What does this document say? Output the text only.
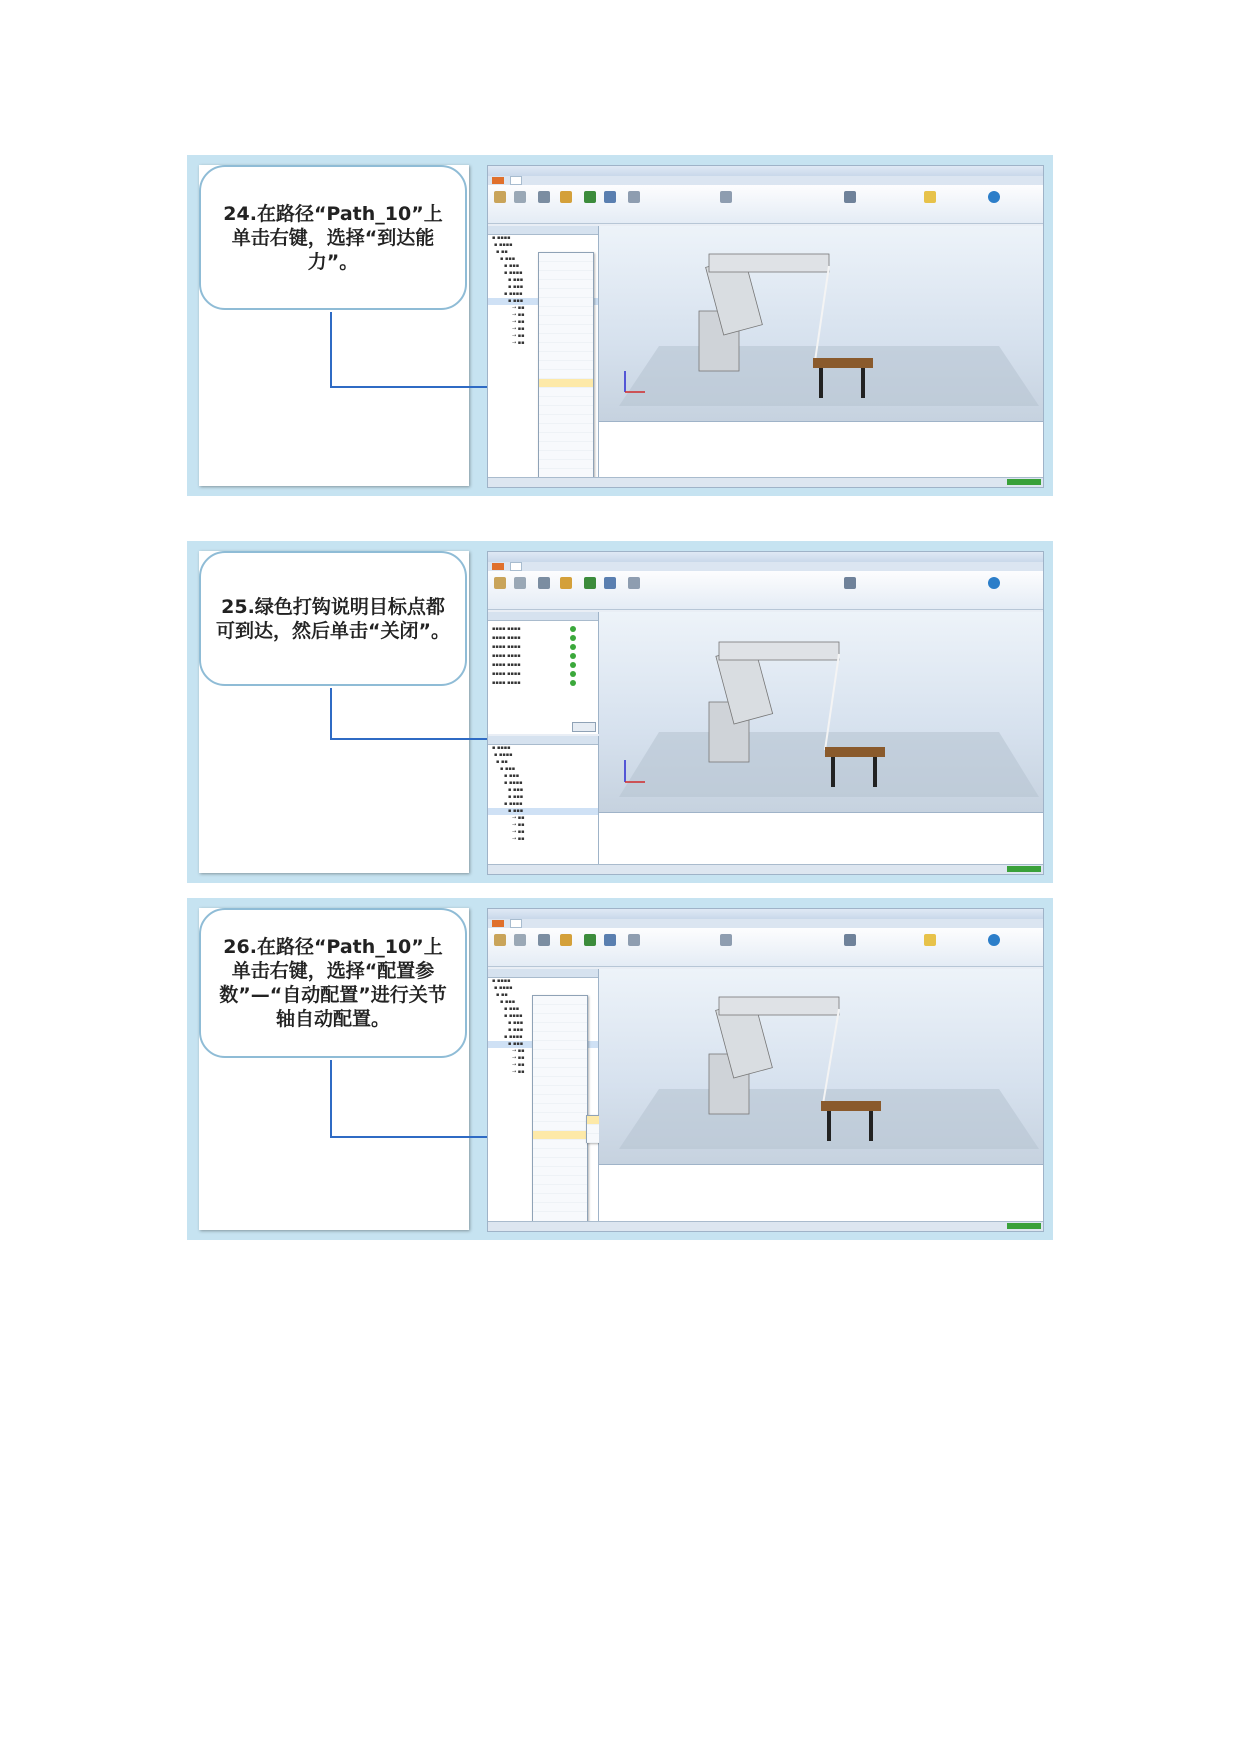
24.在路径“Path_10”上单击右键，选择“到达能力”。

▪ ▪▪▪▪
▪ ▪▪▪▪
▪ ▪▪
▪ ▪▪▪
▪ ▪▪▪
▪ ▪▪▪▪
▪ ▪▪▪
▪ ▪▪▪
▪ ▪▪▪▪
▪ ▪▪▪
→ ▪▪
→ ▪▪
→ ▪▪
→ ▪▪
→ ▪▪
→ ▪▪
25.绿色打钩说明目标点都可到达，然后单击“关闭”。

	▪▪▪▪ ▪▪▪▪
▪▪▪▪ ▪▪▪▪
▪▪▪▪ ▪▪▪▪
▪▪▪▪ ▪▪▪▪
▪▪▪▪ ▪▪▪▪
▪▪▪▪ ▪▪▪▪
▪▪▪▪ ▪▪▪▪
▪ ▪▪▪▪
▪ ▪▪▪▪
▪ ▪▪
▪ ▪▪▪
▪ ▪▪▪
▪ ▪▪▪▪
▪ ▪▪▪
▪ ▪▪▪
▪ ▪▪▪▪
▪ ▪▪▪
→ ▪▪
→ ▪▪
→ ▪▪
→ ▪▪
26.在路径“Path_10”上单击右键，选择“配置参数”—“自动配置”进行关节轴自动配置。

▪ ▪▪▪▪
▪ ▪▪▪▪
▪ ▪▪
▪ ▪▪▪
▪ ▪▪▪
▪ ▪▪▪▪
▪ ▪▪▪
▪ ▪▪▪
▪ ▪▪▪▪
▪ ▪▪▪
→ ▪▪
→ ▪▪
→ ▪▪
→ ▪▪
